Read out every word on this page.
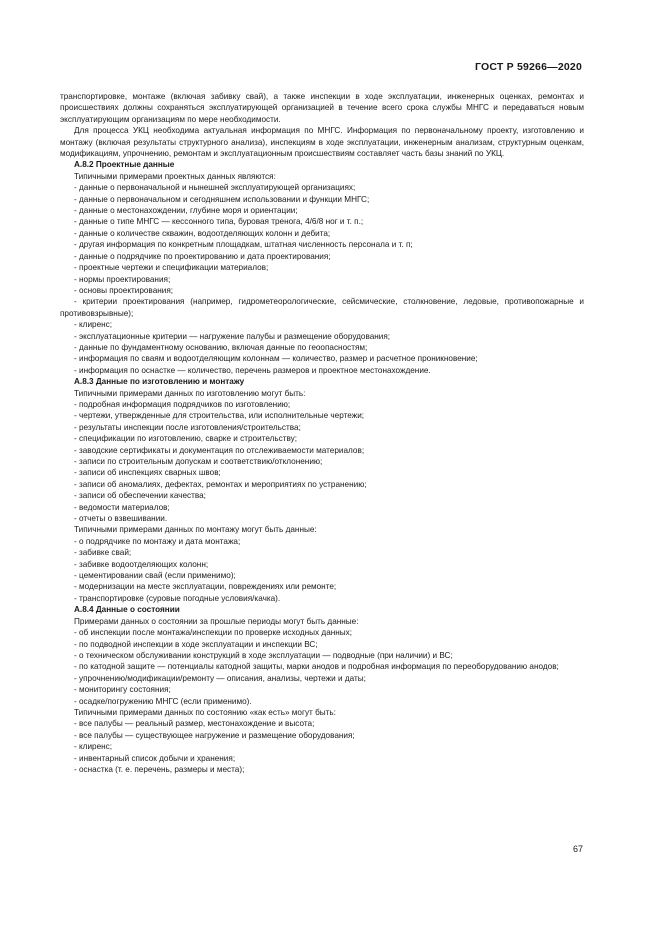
ГОСТ Р 59266—2020

транспортировке, монтаже (включая забивку свай), а также инспекции в ходе эксплуатации, инженерных оценках, ремонтах и происшествиях должны сохраняться эксплуатирующей организацией в течение всего срока службы МНГС и передаваться новым эксплуатирующим организациям по мере необходимости.

Для процесса УКЦ необходима актуальная информация по МНГС. Информация по первоначальному проекту, изготовлению и монтажу (включая результаты структурного анализа), инспекциям в ходе эксплуатации, инженерным анализам, структурным оценкам, модификациям, упрочнению, ремонтам и эксплуатационным происшествиям составляет часть базы знаний по УКЦ.

А.8.2 Проектные данные

Типичными примерами проектных данных являются:

- данные о первоначальной и нынешней эксплуатирующей организациях;

- данные о первоначальном и сегодняшнем использовании и функции МНГС;

- данные о местонахождении, глубине моря и ориентации;

- данные о типе МНГС — кессонного типа, буровая тренога, 4/6/8 ног и т. п.;

- данные о количестве скважин, водоотделяющих колонн и дебита;

- другая информация по конкретным площадкам, штатная численность персонала и т. п;

- данные о подрядчике по проектированию и дата проектирования;

- проектные чертежи и спецификации материалов;

- нормы проектирования;

- основы проектирования;

- критерии проектирования (например, гидрометеорологические, сейсмические, столкновение, ледовые, противопожарные и противовзрывные);

- клиренс;

- эксплуатационные критерии — нагружение палубы и размещение оборудования;

- данные по фундаментному основанию, включая данные по геоопасностям;

- информация по сваям и водоотделяющим колоннам — количество, размер и расчетное проникновение;

- информация по оснастке — количество, перечень размеров и проектное местонахождение.

А.8.3 Данные по изготовлению и монтажу

Типичными примерами данных по изготовлению могут быть:

- подробная информация подрядчиков по изготовлению;

- чертежи, утвержденные для строительства, или исполнительные чертежи;

- результаты инспекции после изготовления/строительства;

- спецификации по изготовлению, сварке и строительству;

- заводские сертификаты и документация по отслеживаемости материалов;

- записи по строительным допускам и соответствию/отклонению;

- записи об инспекциях сварных швов;

- записи об аномалиях, дефектах, ремонтах и мероприятиях по устранению;

- записи об обеспечении качества;

- ведомости материалов;

- отчеты о взвешивании.

Типичными примерами данных по монтажу могут быть данные:

- о подрядчике по монтажу и дата монтажа;

- забивке свай;

- забивке водоотделяющих колонн;

- цементировании свай (если применимо);

- модернизации на месте эксплуатации, повреждениях или ремонте;

- транспортировке (суровые погодные условия/качка).

А.8.4 Данные о состоянии

Примерами данных о состоянии за прошлые периоды могут быть данные:

- об инспекции после монтажа/инспекции по проверке исходных данных;

- по подводной инспекции в ходе эксплуатации и инспекции ВС;

- о техническом обслуживании конструкций в ходе эксплуатации — подводные (при наличии) и ВС;

- по катодной защите — потенциалы катодной защиты, марки анодов и подробная информация по переоборудованию анодов;

- упрочнению/модификации/ремонту — описания, анализы, чертежи и даты;

- мониторингу состояния;

- осадке/погружению МНГС (если применимо).

Типичными примерами данных по состоянию «как есть» могут быть:

- все палубы — реальный размер, местонахождение и высота;

- все палубы — существующее нагружение и размещение оборудования;

- клиренс;

- инвентарный список добычи и хранения;

- оснастка (т. е. перечень, размеры и места);

67
